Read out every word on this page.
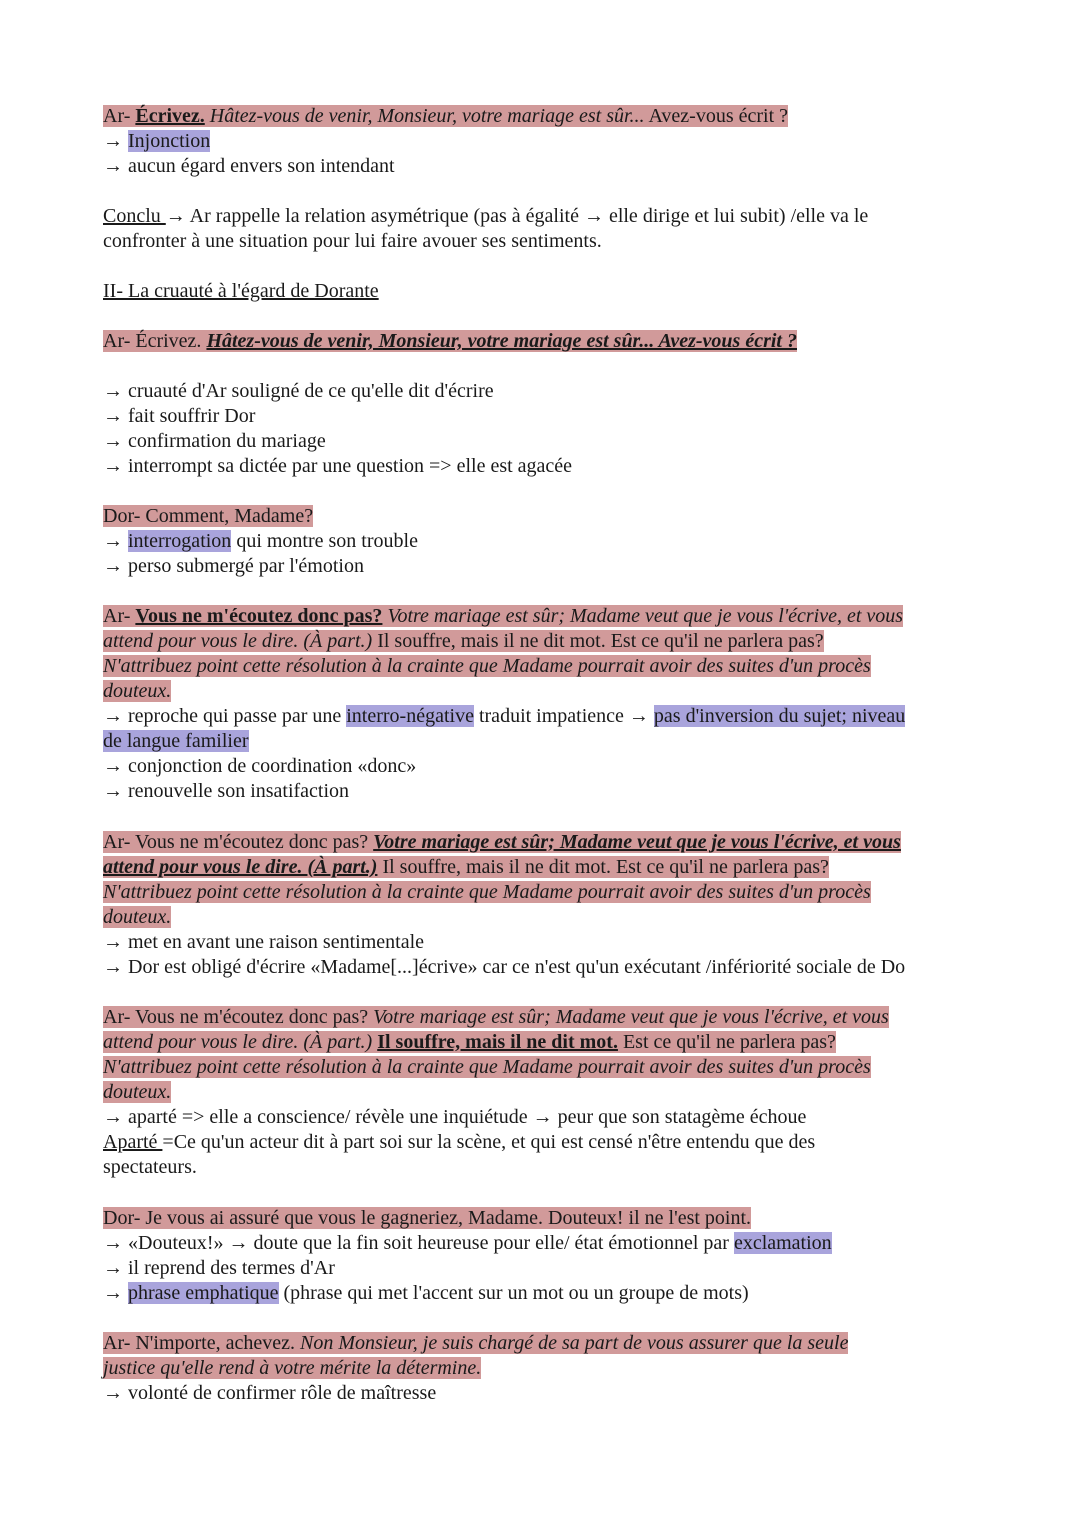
Ar- Écrivez. Hâtez-vous de venir, Monsieur, votre mariage est sûr... Avez-vous écrit ?
→ Injonction
→ aucun égard envers son intendant
Conclu → Ar rappelle la relation asymétrique (pas à égalité → elle dirige et lui subit) /elle va le
confronter à une situation pour lui faire avouer ses sentiments.
II- La cruauté à l'égard de Dorante
Ar- Écrivez. Hâtez-vous de venir, Monsieur, votre mariage est sûr... Avez-vous écrit ?
→ cruauté d'Ar souligné de ce qu'elle dit d'écrire
→ fait souffrir Dor
→ confirmation du mariage
→ interrompt sa dictée par une question => elle est agacée
Dor- Comment, Madame?
→ interrogation qui montre son trouble
→ perso submergé par l'émotion
Ar- Vous ne m'écoutez donc pas? Votre mariage est sûr; Madame veut que je vous l'écrive, et vous
attend pour vous le dire. (À part.) Il souffre, mais il ne dit mot. Est ce qu'il ne parlera pas?
N'attribuez point cette résolution à la crainte que Madame pourrait avoir des suites d'un procès
douteux.
→ reproche qui passe par une interro-négative traduit impatience → pas d'inversion du sujet; niveau
de langue familier
→ conjonction de coordination «donc»
→ renouvelle son insatifaction
Ar- Vous ne m'écoutez donc pas? Votre mariage est sûr; Madame veut que je vous l'écrive, et vous
attend pour vous le dire. (À part.) Il souffre, mais il ne dit mot. Est ce qu'il ne parlera pas?
N'attribuez point cette résolution à la crainte que Madame pourrait avoir des suites d'un procès
douteux.
→ met en avant une raison sentimentale
→ Dor est obligé d'écrire «Madame[...]écrive» car ce n'est qu'un exécutant /infériorité sociale de Do
Ar- Vous ne m'écoutez donc pas? Votre mariage est sûr; Madame veut que je vous l'écrive, et vous
attend pour vous le dire. (À part.) Il souffre, mais il ne dit mot. Est ce qu'il ne parlera pas?
N'attribuez point cette résolution à la crainte que Madame pourrait avoir des suites d'un procès
douteux.
→ aparté => elle a conscience/ révèle une inquiétude → peur que son statagème échoue
Aparté =Ce qu'un acteur dit à part soi sur la scène, et qui est censé n'être entendu que des
spectateurs.
Dor- Je vous ai assuré que vous le gagneriez, Madame. Douteux! il ne l'est point.
→ «Douteux!» → doute que la fin soit heureuse pour elle/ état émotionnel par exclamation
→ il reprend des termes d'Ar
→ phrase emphatique (phrase qui met l'accent sur un mot ou un groupe de mots)
Ar- N'importe, achevez. Non Monsieur, je suis chargé de sa part de vous assurer que la seule
justice qu'elle rend à votre mérite la détermine.
→ volonté de confirmer rôle de maîtresse
